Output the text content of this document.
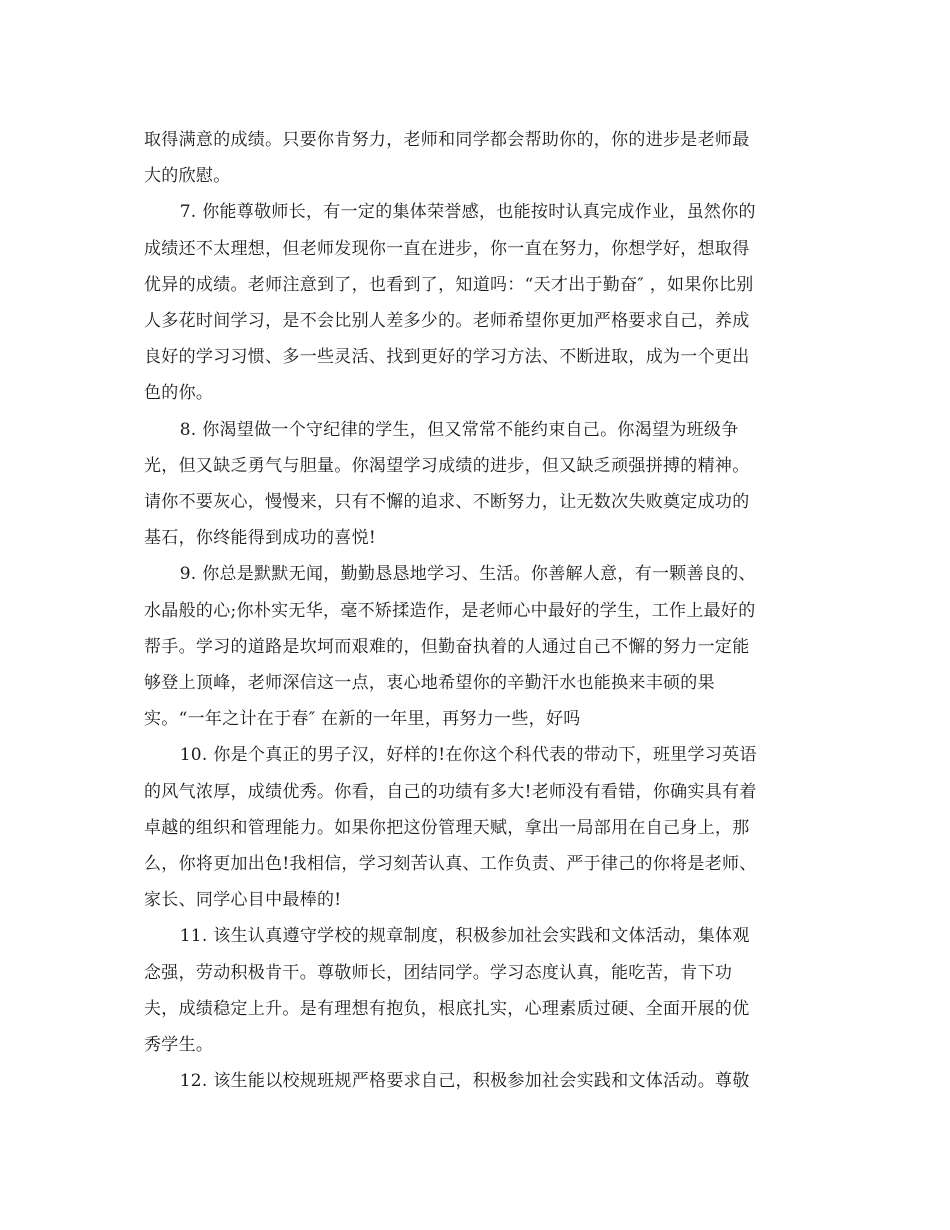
取得满意的成绩。只要你肯努力，老师和同学都会帮助你的，你的进步是老师最
大的欣慰。

7. 你能尊敬师长，有一定的集体荣誉感，也能按时认真完成作业，虽然你的
成绩还不太理想，但老师发现你一直在进步，你一直在努力，你想学好，想取得
优异的成绩。老师注意到了，也看到了，知道吗：“天才出于勤奋″ ，如果你比别
人多花时间学习，是不会比别人差多少的。老师希望你更加严格要求自己，养成
良好的学习习惯、多一些灵活、找到更好的学习方法、不断进取，成为一个更出
色的你。

8. 你渴望做一个守纪律的学生，但又常常不能约束自己。你渴望为班级争
光，但又缺乏勇气与胆量。你渴望学习成绩的进步，但又缺乏顽强拼搏的精神。
请你不要灰心，慢慢来，只有不懈的追求、不断努力，让无数次失败奠定成功的
基石，你终能得到成功的喜悦!

9. 你总是默默无闻，勤勤恳恳地学习、生活。你善解人意，有一颗善良的、
水晶般的心;你朴实无华，毫不矫揉造作，是老师心中最好的学生，工作上最好的
帮手。学习的道路是坎坷而艰难的，但勤奋执着的人通过自己不懈的努力一定能
够登上顶峰，老师深信这一点，衷心地希望你的辛勤汗水也能换来丰硕的果
实。“一年之计在于春″ 在新的一年里，再努力一些，好吗

10. 你是个真正的男子汉，好样的!在你这个科代表的带动下，班里学习英语
的风气浓厚，成绩优秀。你看，自己的功绩有多大!老师没有看错，你确实具有着
卓越的组织和管理能力。如果你把这份管理天赋，拿出一局部用在自己身上，那
么，你将更加出色!我相信，学习刻苦认真、工作负责、严于律己的你将是老师、
家长、同学心目中最棒的!

11. 该生认真遵守学校的规章制度，积极参加社会实践和文体活动，集体观
念强，劳动积极肯干。尊敬师长，团结同学。学习态度认真，能吃苦，肯下功
夫，成绩稳定上升。是有理想有抱负，根底扎实，心理素质过硬、全面开展的优
秀学生。

12. 该生能以校规班规严格要求自己，积极参加社会实践和文体活动。尊敬
